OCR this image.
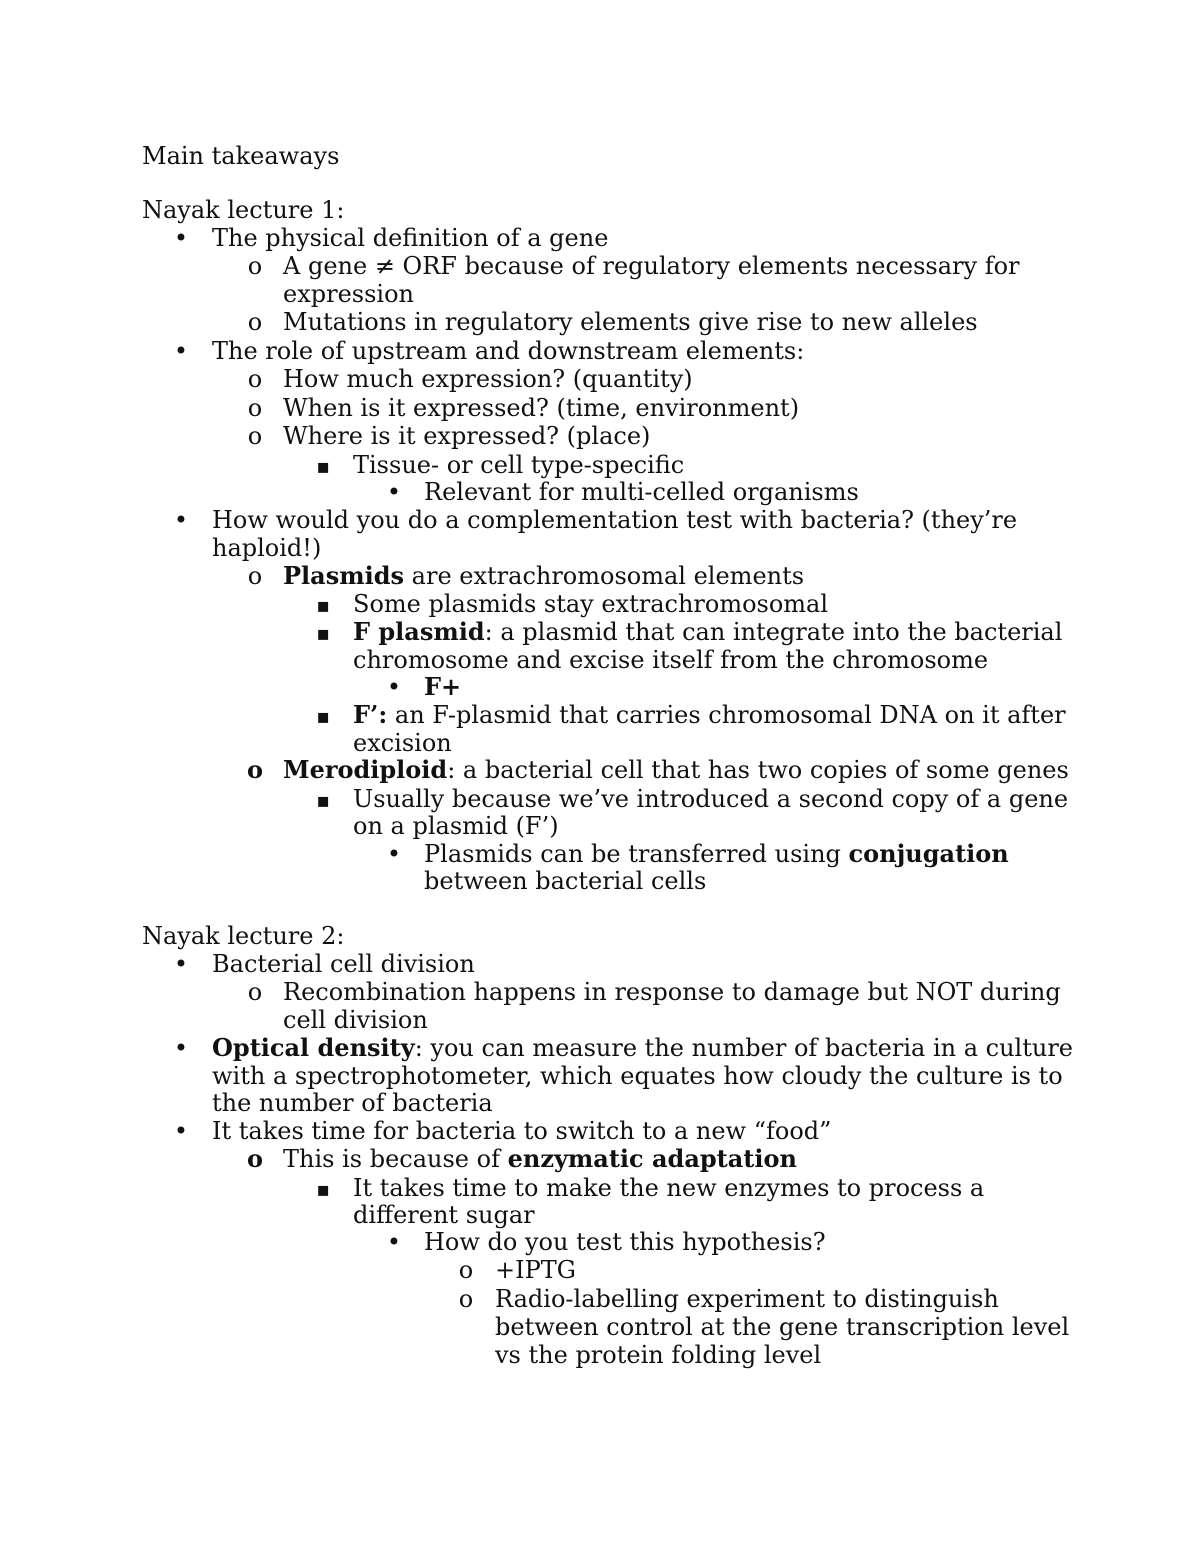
Main takeaways
Nayak lecture 1:
•
The physical definition of a gene
o
A gene ≠ ORF because of regulatory elements necessary for
expression
o
Mutations in regulatory elements give rise to new alleles
•
The role of upstream and downstream elements:
o
How much expression? (quantity)
o
When is it expressed? (time, environment)
o
Where is it expressed? (place)
▪
Tissue- or cell type-specific
•
Relevant for multi-celled organisms
•
How would you do a complementation test with bacteria? (they’re
haploid!)
o
Plasmids are extrachromosomal elements
▪
Some plasmids stay extrachromosomal
▪
F plasmid: a plasmid that can integrate into the bacterial
chromosome and excise itself from the chromosome
•
F+
▪
F’: an F-plasmid that carries chromosomal DNA on it after
excision
o
Merodiploid: a bacterial cell that has two copies of some genes
▪
Usually because we’ve introduced a second copy of a gene
on a plasmid (F’)
•
Plasmids can be transferred using conjugation
between bacterial cells
Nayak lecture 2:
•
Bacterial cell division
o
Recombination happens in response to damage but NOT during
cell division
•
Optical density: you can measure the number of bacteria in a culture
with a spectrophotometer, which equates how cloudy the culture is to
the number of bacteria
•
It takes time for bacteria to switch to a new “food”
o
This is because of enzymatic adaptation
▪
It takes time to make the new enzymes to process a
different sugar
•
How do you test this hypothesis?
o
+IPTG
o
Radio-labelling experiment to distinguish
between control at the gene transcription level
vs the protein folding level
